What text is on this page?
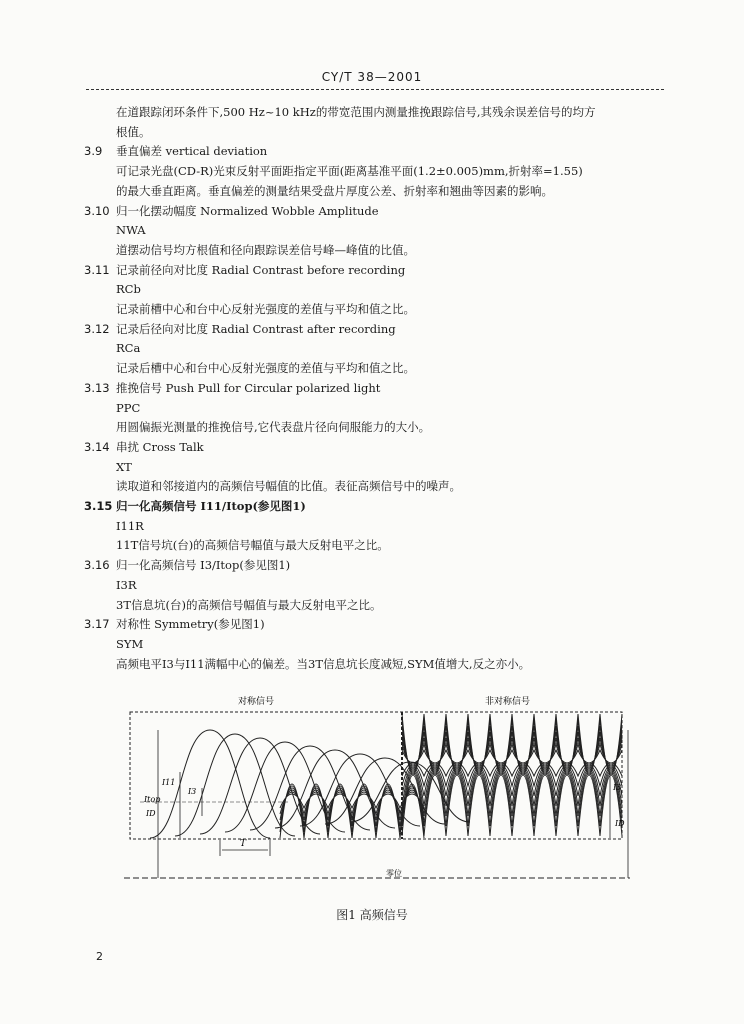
CY/T 38—2001
在道跟踪闭环条件下,500 Hz~10 kHz的带宽范围内测量推挽跟踪信号,其残余误差信号的均方
根值。
3.9 垂直偏差 vertical deviation
可记录光盘(CD-R)光束反射平面距指定平面(距离基准平面(1.2±0.005)mm,折射率=1.55)
的最大垂直距离。垂直偏差的测量结果受盘片厚度公差、折射率和翘曲等因素的影响。
3.10 归一化摆动幅度 Normalized Wobble Amplitude
NWA
道摆动信号均方根值和径向跟踪误差信号峰—峰值的比值。
3.11 记录前径向对比度 Radial Contrast before recording
RCb
记录前槽中心和台中心反射光强度的差值与平均和值之比。
3.12 记录后径向对比度 Radial Contrast after recording
RCa
记录后槽中心和台中心反射光强度的差值与平均和值之比。
3.13 推挽信号 Push Pull for Circular polarized light
PPC
用圆偏振光测量的推挽信号,它代表盘片径向伺服能力的大小。
3.14 串扰 Cross Talk
XT
读取道和邻接道内的高频信号幅值的比值。表征高频信号中的噪声。
3.15 归一化高频信号 I11/Itop(参见图1)
I11R
11T信号坑(台)的高频信号幅值与最大反射电平之比。
3.16 归一化高频信号 I3/Itop(参见图1)
I3R
3T信息坑(台)的高频信号幅值与最大反射电平之比。
3.17 对称性 Symmetry(参见图1)
SYM
高频电平I3与I11满幅中心的偏差。当3T信息坑长度减短,SYM值增大,反之亦小。
对称信号	非对称信号
零位
I11
Itop
I3
T
ID
I3
ID
图1 高频信号
2
